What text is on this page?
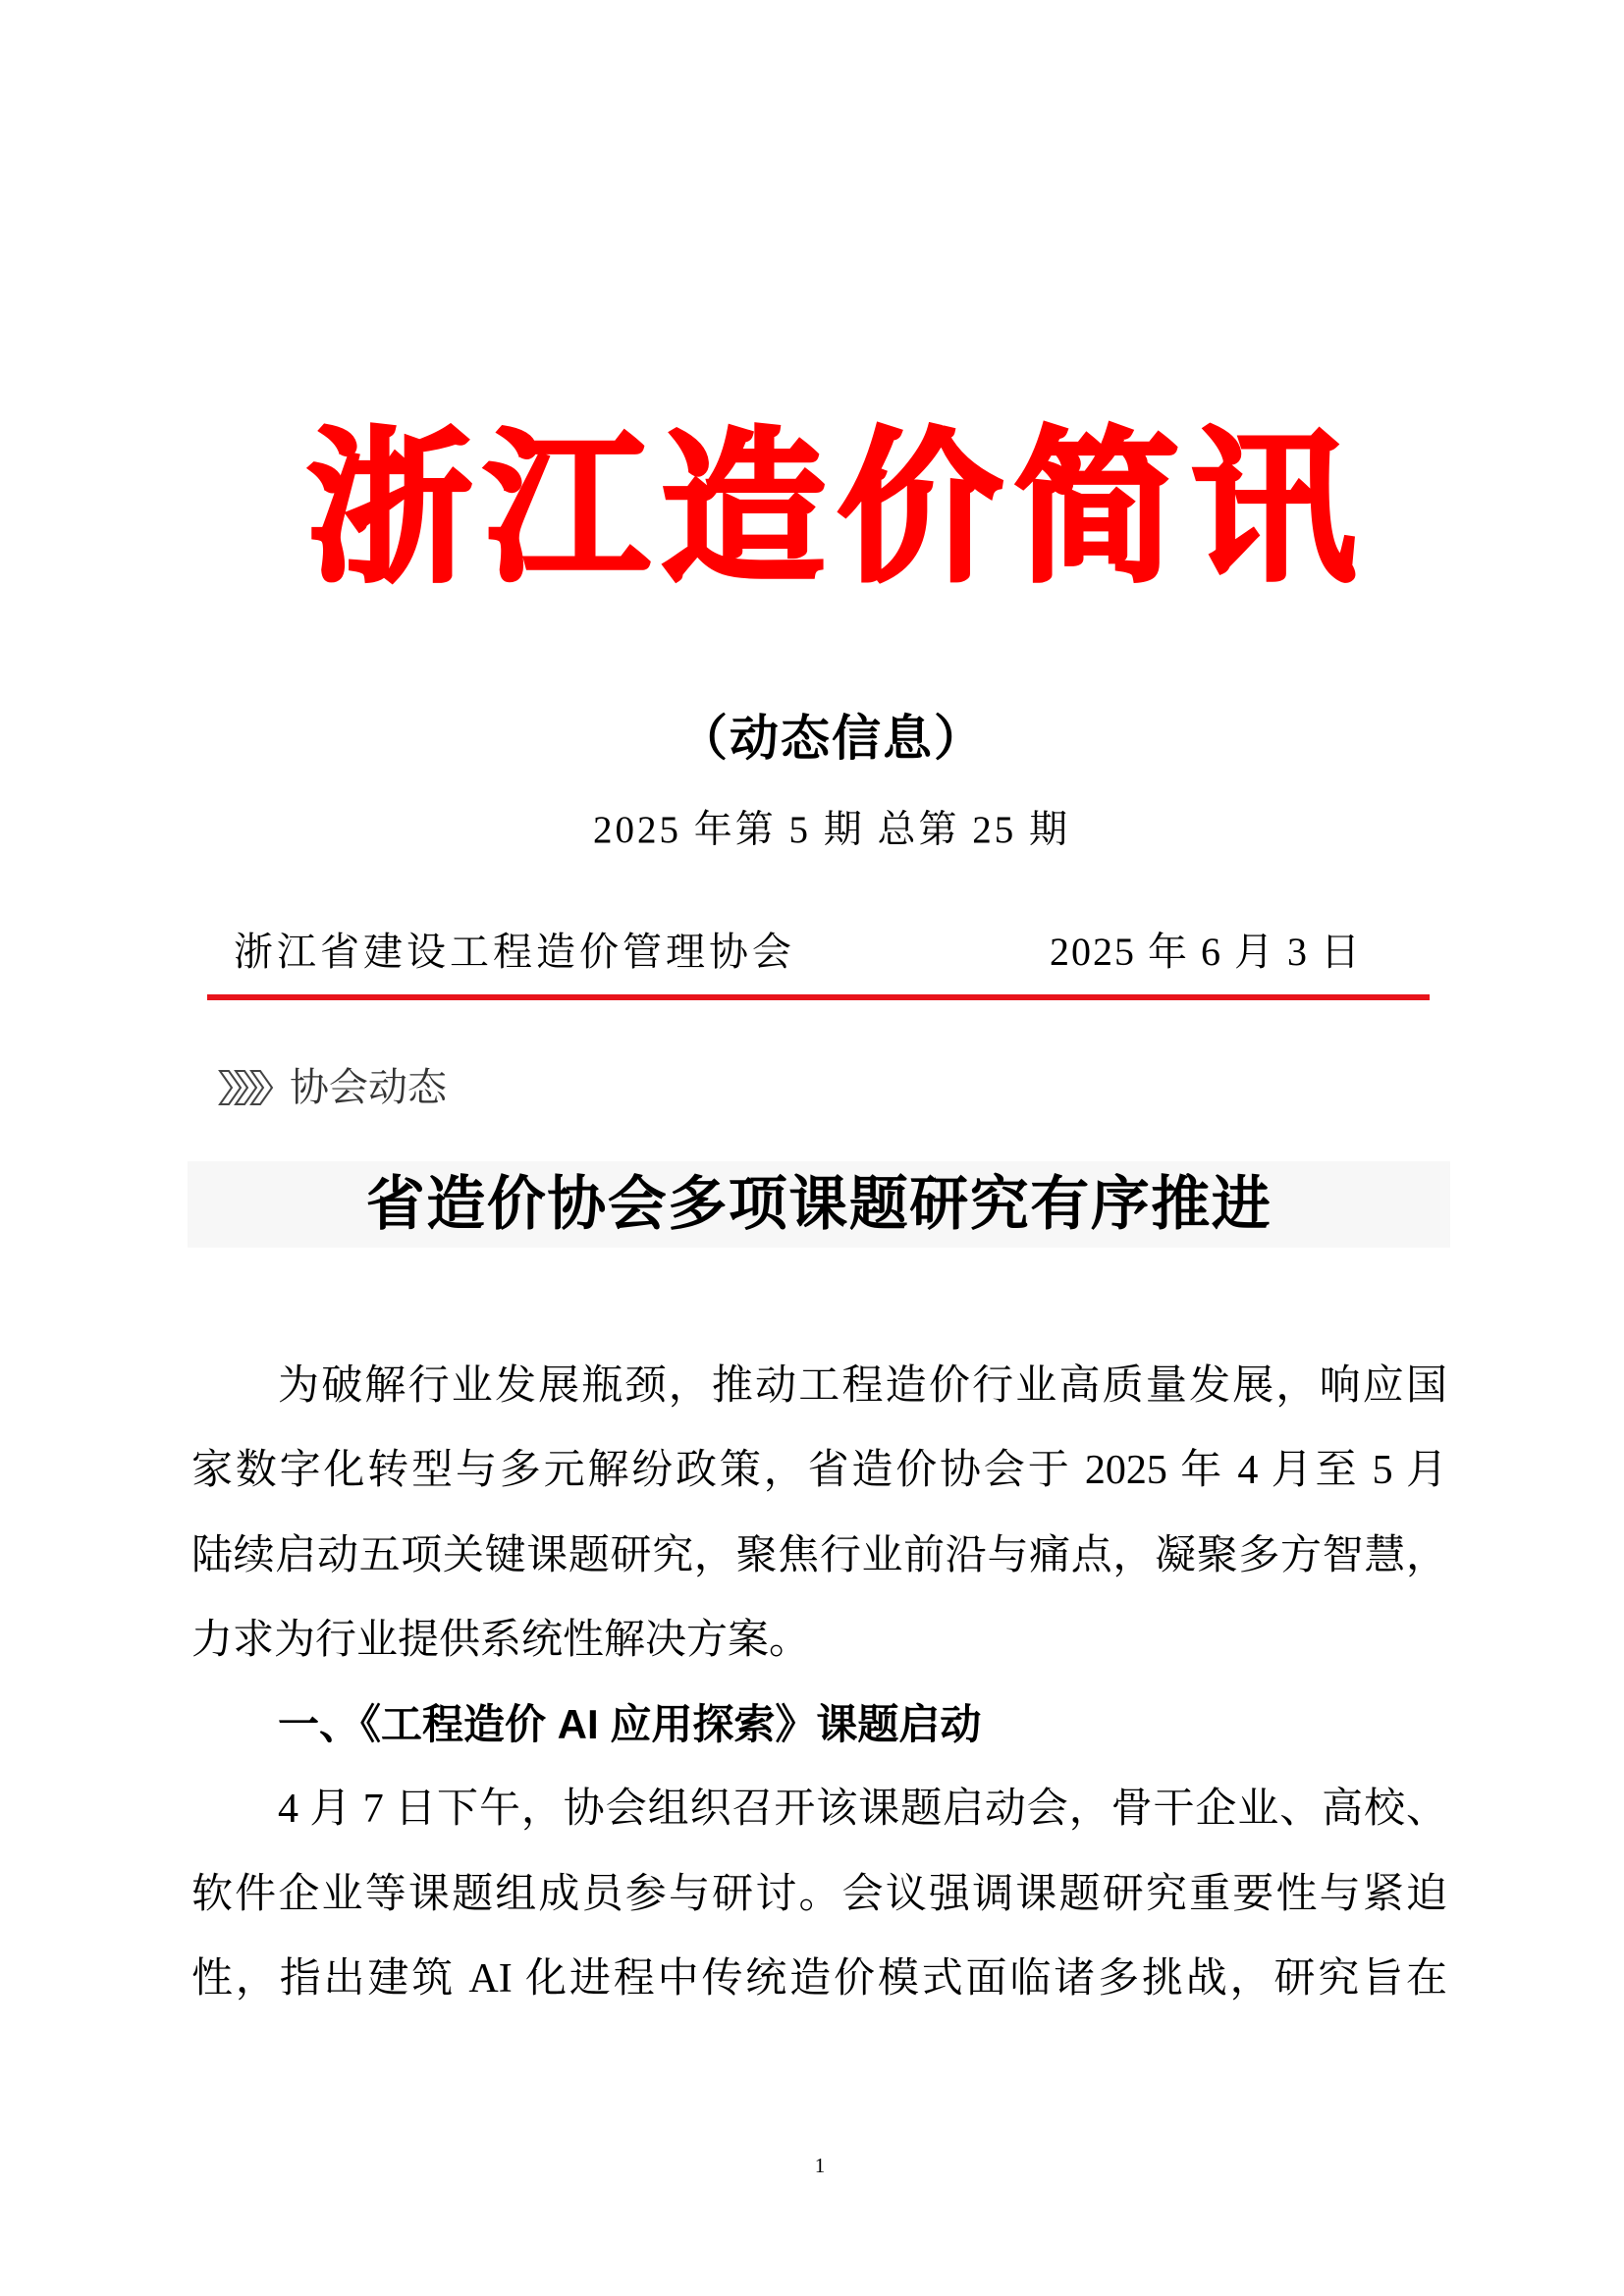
浙江造价简讯
（动态信息）
2025 年第 5 期 总第 25 期
浙江省建设工程造价管理协会	2025 年 6 月 3 日
协会动态
省造价协会多项课题研究有序推进
为破解行业发展瓶颈，推动工程造价行业高质量发展，响应国
家数字化转型与多元解纷政策，省造价协会于 2025 年 4 月至 5 月
陆续启动五项关键课题研究，聚焦行业前沿与痛点，凝聚多方智慧，
力求为行业提供系统性解决方案。
一、《工程造价 AI 应用探索》课题启动
4 月 7 日下午，协会组织召开该课题启动会，骨干企业、高校、
软件企业等课题组成员参与研讨。会议强调课题研究重要性与紧迫
性，指出建筑 AI 化进程中传统造价模式面临诸多挑战，研究旨在
1
